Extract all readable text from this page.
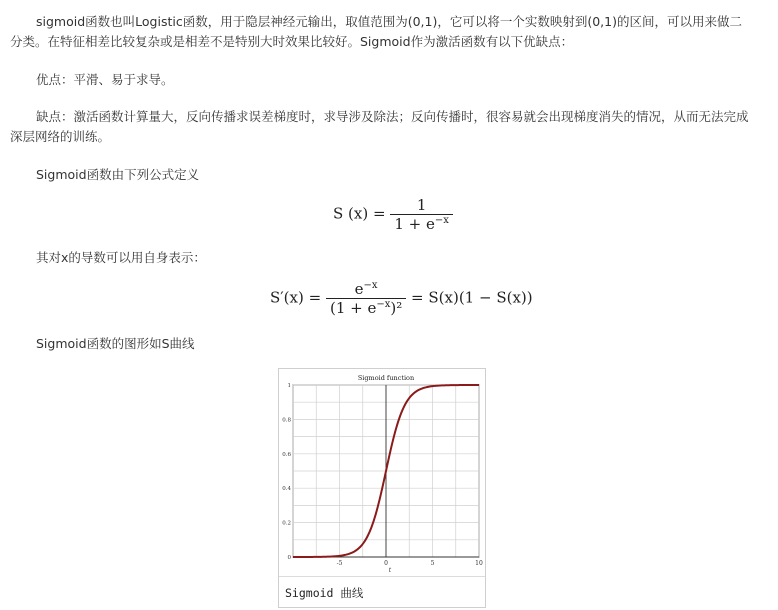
sigmoid函数也叫Logistic函数，用于隐层神经元输出，取值范围为(0,1)，它可以将一个实数映射到(0,1)的区间，可以用来做二分类。在特征相差比较复杂或是相差不是特别大时效果比较好。Sigmoid作为激活函数有以下优缺点：

优点：平滑、易于求导。

缺点：激活函数计算量大，反向传播求误差梯度时，求导涉及除法；反向传播时，很容易就会出现梯度消失的情况，从而无法完成深层网络的训练。

Sigmoid函数由下列公式定义

S $(x) = \frac{1}{1 + e^{-x}}$

其对x的导数可以用自身表示：

$S'(x) = \frac{e^{-x}}{(1 + e^{-x})^2} = S(x)(1 - S(x))$

Sigmoid函数的图形如S曲线

Sigmoid function
-5	0	5	10
0
0.2
0.4
0.6
0.8
1
t
Sigmoid 曲线
